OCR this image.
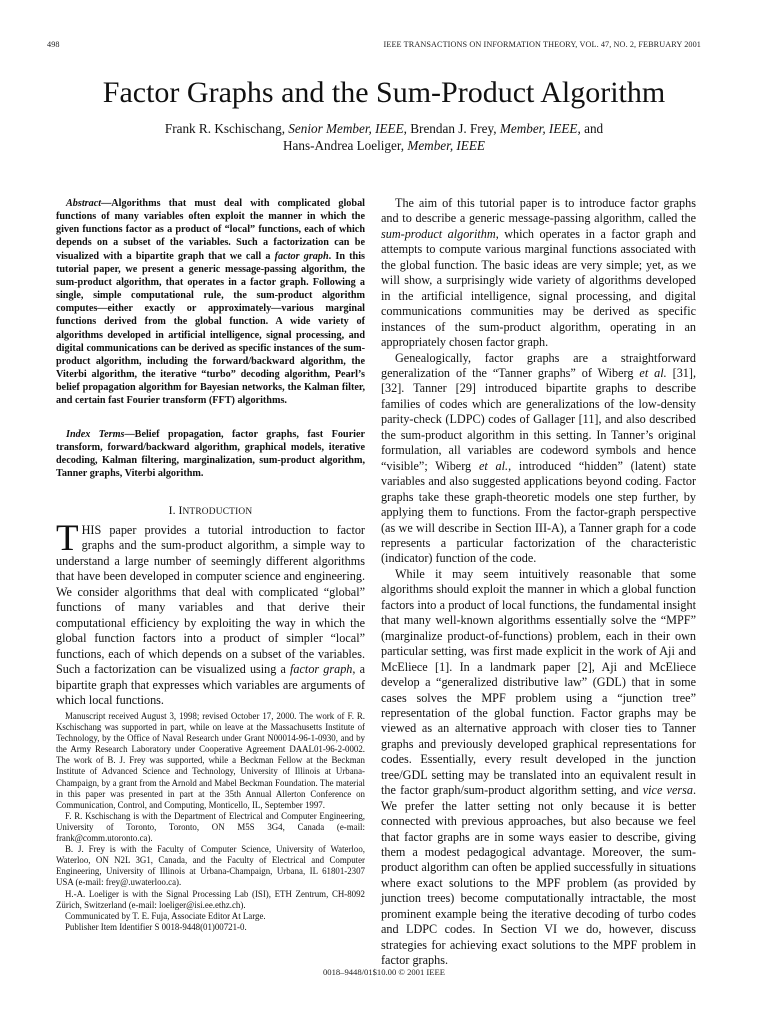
498	IEEE TRANSACTIONS ON INFORMATION THEORY, VOL. 47, NO. 2, FEBRUARY 2001
Factor Graphs and the Sum-Product Algorithm
Frank R. Kschischang, Senior Member, IEEE, Brendan J. Frey, Member, IEEE, and
Hans-Andrea Loeliger, Member, IEEE

Abstract—Algorithms that must deal with complicated global functions of many variables often exploit the manner in which the given functions factor as a product of “local” functions, each of which depends on a subset of the variables. Such a factorization can be visualized with a bipartite graph that we call a factor graph. In this tutorial paper, we present a generic message-passing algorithm, the sum-product algorithm, that operates in a factor graph. Following a single, simple computational rule, the sum-product algorithm computes—either exactly or approximately—various marginal functions derived from the global function. A wide variety of algorithms developed in artificial intelligence, signal processing, and digital communications can be derived as specific instances of the sum-product algorithm, including the forward/backward algorithm, the Viterbi algorithm, the iterative “turbo” decoding algorithm, Pearl’s belief propagation algorithm for Bayesian networks, the Kalman filter, and certain fast Fourier transform (FFT) algorithms.

Index Terms—Belief propagation, factor graphs, fast Fourier transform, forward/backward algorithm, graphical models, iterative decoding, Kalman filtering, marginalization, sum-product algorithm, Tanner graphs, Viterbi algorithm.

I. INTRODUCTION

THIS paper provides a tutorial introduction to factor graphs and the sum-product algorithm, a simple way to understand a large number of seemingly different algorithms that have been developed in computer science and engineering. We consider algorithms that deal with complicated “global” functions of many variables and that derive their computational efficiency by exploiting the way in which the global function factors into a product of simpler “local” functions, each of which depends on a subset of the variables. Such a factorization can be visualized using a factor graph, a bipartite graph that expresses which variables are arguments of which local functions.

Manuscript received August 3, 1998; revised October 17, 2000. The work of F. R. Kschischang was supported in part, while on leave at the Massachusetts Institute of Technology, by the Office of Naval Research under Grant N00014-96-1-0930, and by the Army Research Laboratory under Cooperative Agreement DAAL01-96-2-0002. The work of B. J. Frey was supported, while a Beckman Fellow at the Beckman Institute of Advanced Science and Technology, University of Illinois at Urbana-Champaign, by a grant from the Arnold and Mabel Beckman Foundation. The material in this paper was presented in part at the 35th Annual Allerton Conference on Communication, Control, and Computing, Monticello, IL, September 1997.

F. R. Kschischang is with the Department of Electrical and Computer Engineering, University of Toronto, Toronto, ON M5S 3G4, Canada (e-mail: frank@comm.utoronto.ca).

B. J. Frey is with the Faculty of Computer Science, University of Waterloo, Waterloo, ON N2L 3G1, Canada, and the Faculty of Electrical and Computer Engineering, University of Illinois at Urbana-Champaign, Urbana, IL 61801-2307 USA (e-mail: frey@.uwaterloo.ca).

H.-A. Loeliger is with the Signal Processing Lab (ISI), ETH Zentrum, CH-8092 Zürich, Switzerland (e-mail: loeliger@isi.ee.ethz.ch).

Communicated by T. E. Fuja, Associate Editor At Large.

Publisher Item Identifier S 0018-9448(01)00721-0.

The aim of this tutorial paper is to introduce factor graphs and to describe a generic message-passing algorithm, called the sum-product algorithm, which operates in a factor graph and attempts to compute various marginal functions associated with the global function. The basic ideas are very simple; yet, as we will show, a surprisingly wide variety of algorithms developed in the artificial intelligence, signal processing, and digital communications communities may be derived as specific instances of the sum-product algorithm, operating in an appropriately chosen factor graph.

Genealogically, factor graphs are a straightforward generalization of the “Tanner graphs” of Wiberg et al. [31], [32]. Tanner [29] introduced bipartite graphs to describe families of codes which are generalizations of the low-density parity-check (LDPC) codes of Gallager [11], and also described the sum-product algorithm in this setting. In Tanner’s original formulation, all variables are codeword symbols and hence “visible”; Wiberg et al., introduced “hidden” (latent) state variables and also suggested applications beyond coding. Factor graphs take these graph-theoretic models one step further, by applying them to functions. From the factor-graph perspective (as we will describe in Section III-A), a Tanner graph for a code represents a particular factorization of the characteristic (indicator) function of the code.

While it may seem intuitively reasonable that some algorithms should exploit the manner in which a global function factors into a product of local functions, the fundamental insight that many well-known algorithms essentially solve the “MPF” (marginalize product-of-functions) problem, each in their own particular setting, was first made explicit in the work of Aji and McEliece [1]. In a landmark paper [2], Aji and McEliece develop a “generalized distributive law” (GDL) that in some cases solves the MPF problem using a “junction tree” representation of the global function. Factor graphs may be viewed as an alternative approach with closer ties to Tanner graphs and previously developed graphical representations for codes. Essentially, every result developed in the junction tree/GDL setting may be translated into an equivalent result in the factor graph/sum-product algorithm setting, and vice versa. We prefer the latter setting not only because it is better connected with previous approaches, but also because we feel that factor graphs are in some ways easier to describe, giving them a modest pedagogical advantage. Moreover, the sum-product algorithm can often be applied successfully in situations where exact solutions to the MPF problem (as provided by junction trees) become computationally intractable, the most prominent example being the iterative decoding of turbo codes and LDPC codes. In Section VI we do, however, discuss strategies for achieving exact solutions to the MPF problem in factor graphs.

0018–9448/01$10.00 © 2001 IEEE
